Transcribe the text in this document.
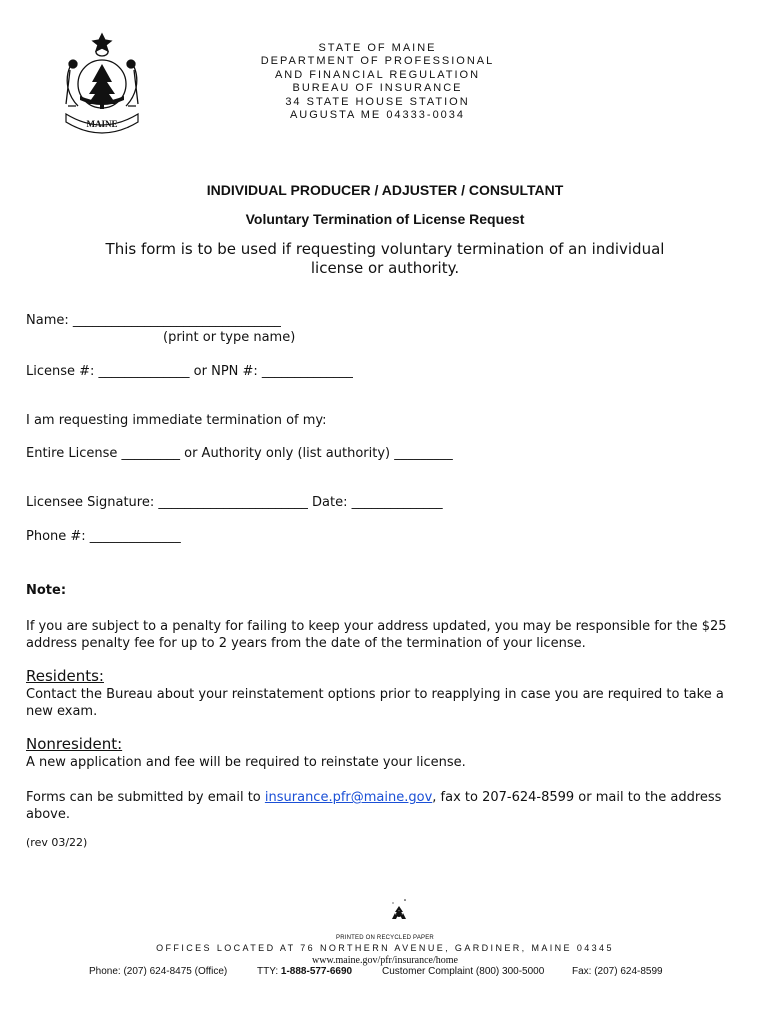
MAINE
STATE OF MAINE
DEPARTMENT OF PROFESSIONAL
AND FINANCIAL REGULATION
BUREAU OF INSURANCE
34 STATE HOUSE STATION
AUGUSTA ME 04333-0034
INDIVIDUAL PRODUCER / ADJUSTER / CONSULTANT
Voluntary Termination of License Request
This form is to be used if requesting voluntary termination of an individual license or authority.
Name: ________________________________
(print or type name)
License #: ______________ or NPN #: ______________
I am requesting immediate termination of my:
Entire License _________ or Authority only (list authority) _________
Licensee Signature: _______________________ Date: ______________
Phone #: ______________
Note:
If you are subject to a penalty for failing to keep your address updated, you may be responsible for the $25 address penalty fee for up to 2 years from the date of the termination of your license.
Residents:
Contact the Bureau about your reinstatement options prior to reapplying in case you are required to take a new exam.
Nonresident:
A new application and fee will be required to reinstate your license.
Forms can be submitted by email to insurance.pfr@maine.gov, fax to 207-624-8599 or mail to the address above.
(rev 03/22)
PRINTED ON RECYCLED PAPER
OFFICES LOCATED AT 76 NORTHERN AVENUE, GARDINER, MAINE 04345
www.maine.gov/pfr/insurance/home
Phone: (207) 624-8475 (Office)	TTY: 1-888-577-6690	Customer Complaint (800) 300-5000	Fax: (207) 624-8599
